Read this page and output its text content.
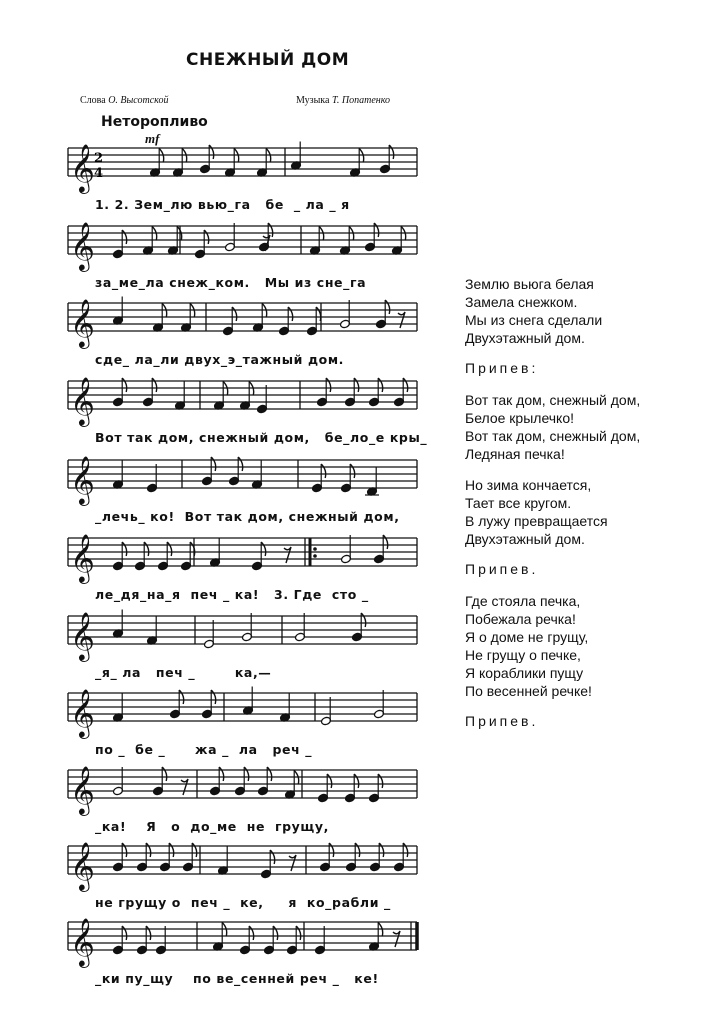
СНЕЖНЫЙ ДОМ
Слова О. Высотской	Музыка Т. Попатенко
Неторопливо
mf
𝄞 2
4

1. 2. Зем_лю вью_га   бе  _ ла _ я

𝄞

за_ме_ла снеж_ком.   Мы из сне_га

𝄞

сде_ ла_ли двух_э_тажный дом.

𝄞

Вот так дом, снежный дом,   бе_ло_е кры_

𝄞

_лечь_ ко!  Вот так дом, снежный дом,

𝄞

ле_дя_на_я  печ _ ка!   3. Где  сто _

𝄞

_я_ ла   печ _        ка,—

𝄞

по _  бе _      жа _  ла   реч _

𝄞

_ка!    Я   о  до_ме  не  грущу,

𝄞

не грущу о  печ _  ке,     я  ко_рабли _

𝄞

_ки пу_щу    по ве_сенней реч _   ке!

Землю вьюга белая
Замела снежком.
Мы из снега сделали
Двухэтажный дом.
Припев:
Вот так дом, снежный дом,
Белое крылечко!
Вот так дом, снежный дом,
Ледяная печка!
Но зима кончается,
Тает все кругом.
В лужу превращается
Двухэтажный дом.
Припев.
Где стояла печка,
Побежала речка!
Я о доме не грущу,
Не грущу о печке,
Я кораблики пущу
По весенней речке!
Припев.
